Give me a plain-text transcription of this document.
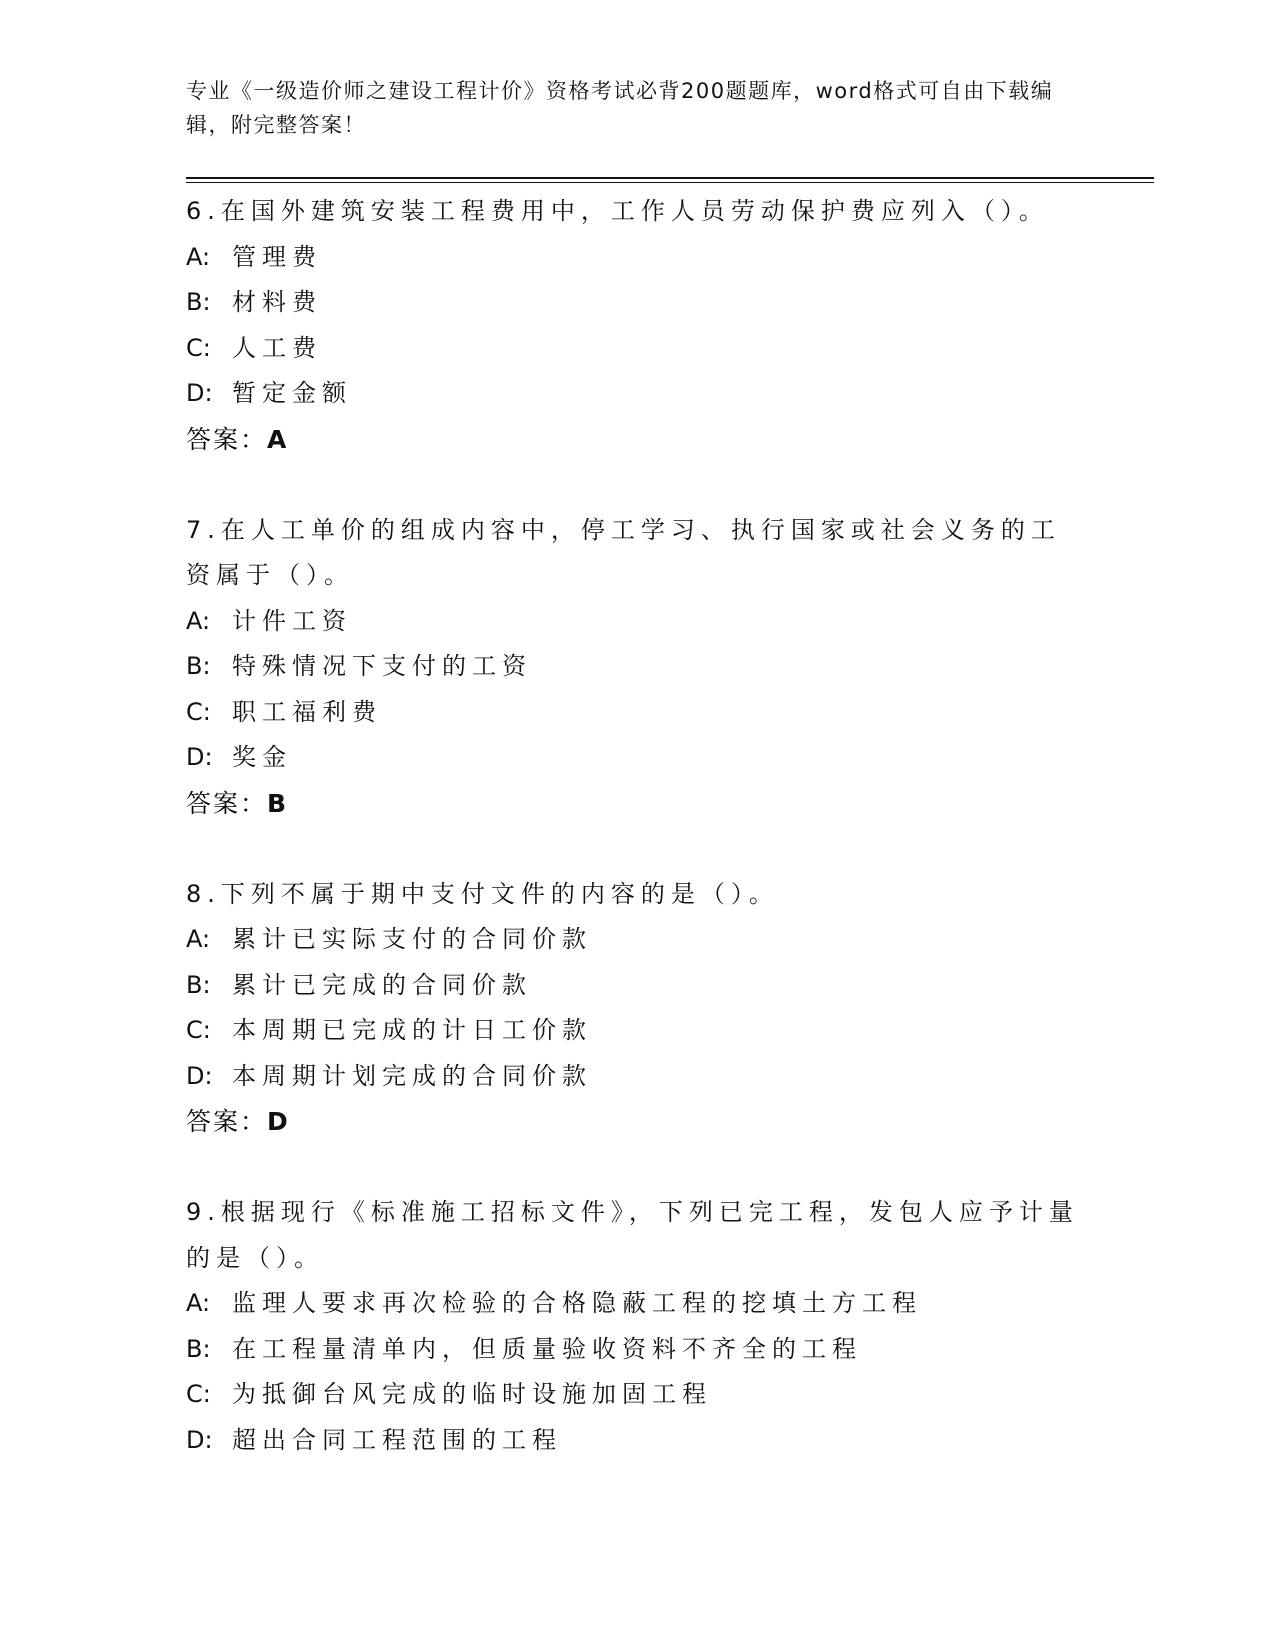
专业《一级造价师之建设工程计价》资格考试必背200题题库，word格式可自由下载编辑，附完整答案！
6.在国外建筑安装工程费用中，工作人员劳动保护费应列入（）。
A: 管理费
B: 材料费
C: 人工费
D: 暂定金额
答案：A
7.在人工单价的组成内容中，停工学习、执行国家或社会义务的工资属于（）。
A: 计件工资
B: 特殊情况下支付的工资
C: 职工福利费
D: 奖金
答案：B
8.下列不属于期中支付文件的内容的是（）。
A: 累计已实际支付的合同价款
B: 累计已完成的合同价款
C: 本周期已完成的计日工价款
D: 本周期计划完成的合同价款
答案：D
9.根据现行《标准施工招标文件》，下列已完工程，发包人应予计量的是（）。
A: 监理人要求再次检验的合格隐蔽工程的挖填土方工程
B: 在工程量清单内，但质量验收资料不齐全的工程
C: 为抵御台风完成的临时设施加固工程
D: 超出合同工程范围的工程
